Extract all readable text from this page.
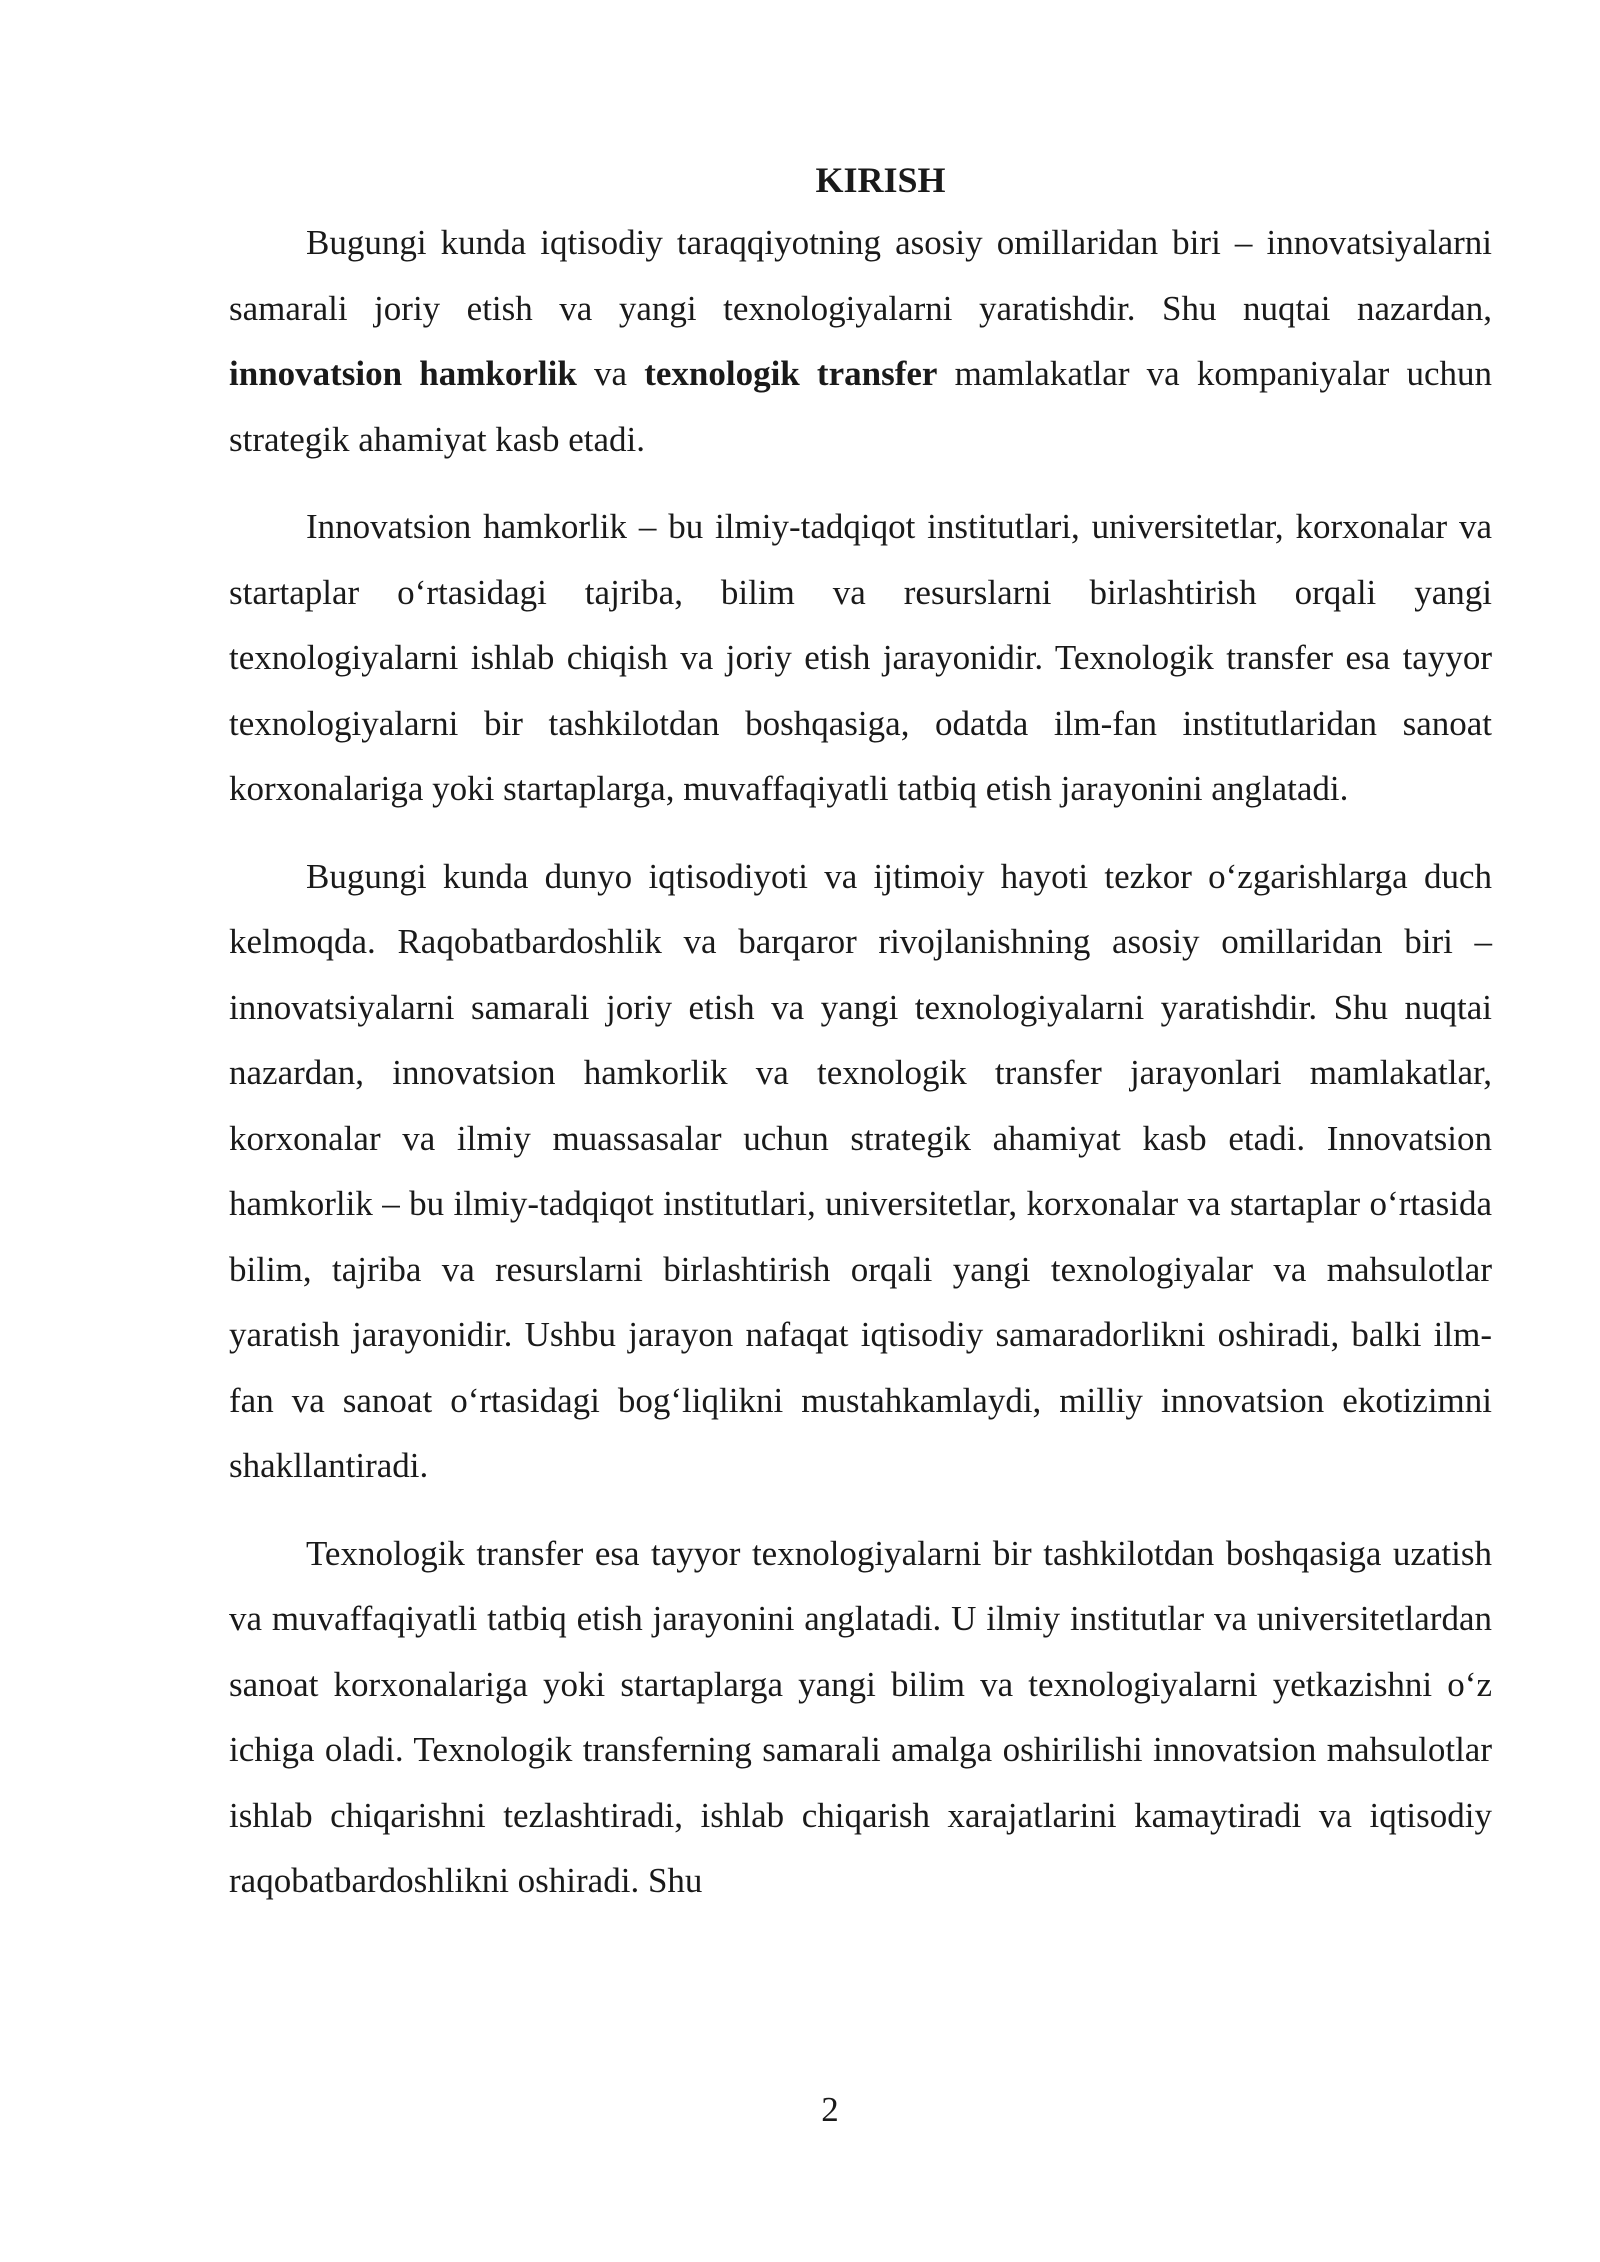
KIRISH

Bugungi kunda iqtisodiy taraqqiyotning asosiy omillaridan biri – innovatsiyalarni samarali joriy etish va yangi texnologiyalarni yaratishdir. Shu nuqtai nazardan, innovatsion hamkorlik va texnologik transfer mamlakatlar va kompaniyalar uchun strategik ahamiyat kasb etadi.

Innovatsion hamkorlik – bu ilmiy-tadqiqot institutlari, universitetlar, korxonalar va startaplar o‘rtasidagi tajriba, bilim va resurslarni birlashtirish orqali yangi texnologiyalarni ishlab chiqish va joriy etish jarayonidir. Texnologik transfer esa tayyor texnologiyalarni bir tashkilotdan boshqasiga, odatda ilm-fan institutlaridan sanoat korxonalariga yoki startaplarga, muvaffaqiyatli tatbiq etish jarayonini anglatadi.

Bugungi kunda dunyo iqtisodiyoti va ijtimoiy hayoti tezkor o‘zgarishlarga duch kelmoqda. Raqobatbardoshlik va barqaror rivojlanishning asosiy omillaridan biri – innovatsiyalarni samarali joriy etish va yangi texnologiyalarni yaratishdir. Shu nuqtai nazardan, innovatsion hamkorlik va texnologik transfer jarayonlari mamlakatlar, korxonalar va ilmiy muassasalar uchun strategik ahamiyat kasb etadi. Innovatsion hamkorlik – bu ilmiy-tadqiqot institutlari, universitetlar, korxonalar va startaplar o‘rtasida bilim, tajriba va resurslarni birlashtirish orqali yangi texnologiyalar va mahsulotlar yaratish jarayonidir. Ushbu jarayon nafaqat iqtisodiy samaradorlikni oshiradi, balki ilm-fan va sanoat o‘rtasidagi bog‘liqlikni mustahkamlaydi, milliy innovatsion ekotizimni shakllantiradi.

Texnologik transfer esa tayyor texnologiyalarni bir tashkilotdan boshqasiga uzatish va muvaffaqiyatli tatbiq etish jarayonini anglatadi. U ilmiy institutlar va universitetlardan sanoat korxonalariga yoki startaplarga yangi bilim va texnologiyalarni yetkazishni o‘z ichiga oladi. Texnologik transferning samarali amalga oshirilishi innovatsion mahsulotlar ishlab chiqarishni tezlashtiradi, ishlab chiqarish xarajatlarini kamaytiradi va iqtisodiy raqobatbardoshlikni oshiradi. Shu

2
